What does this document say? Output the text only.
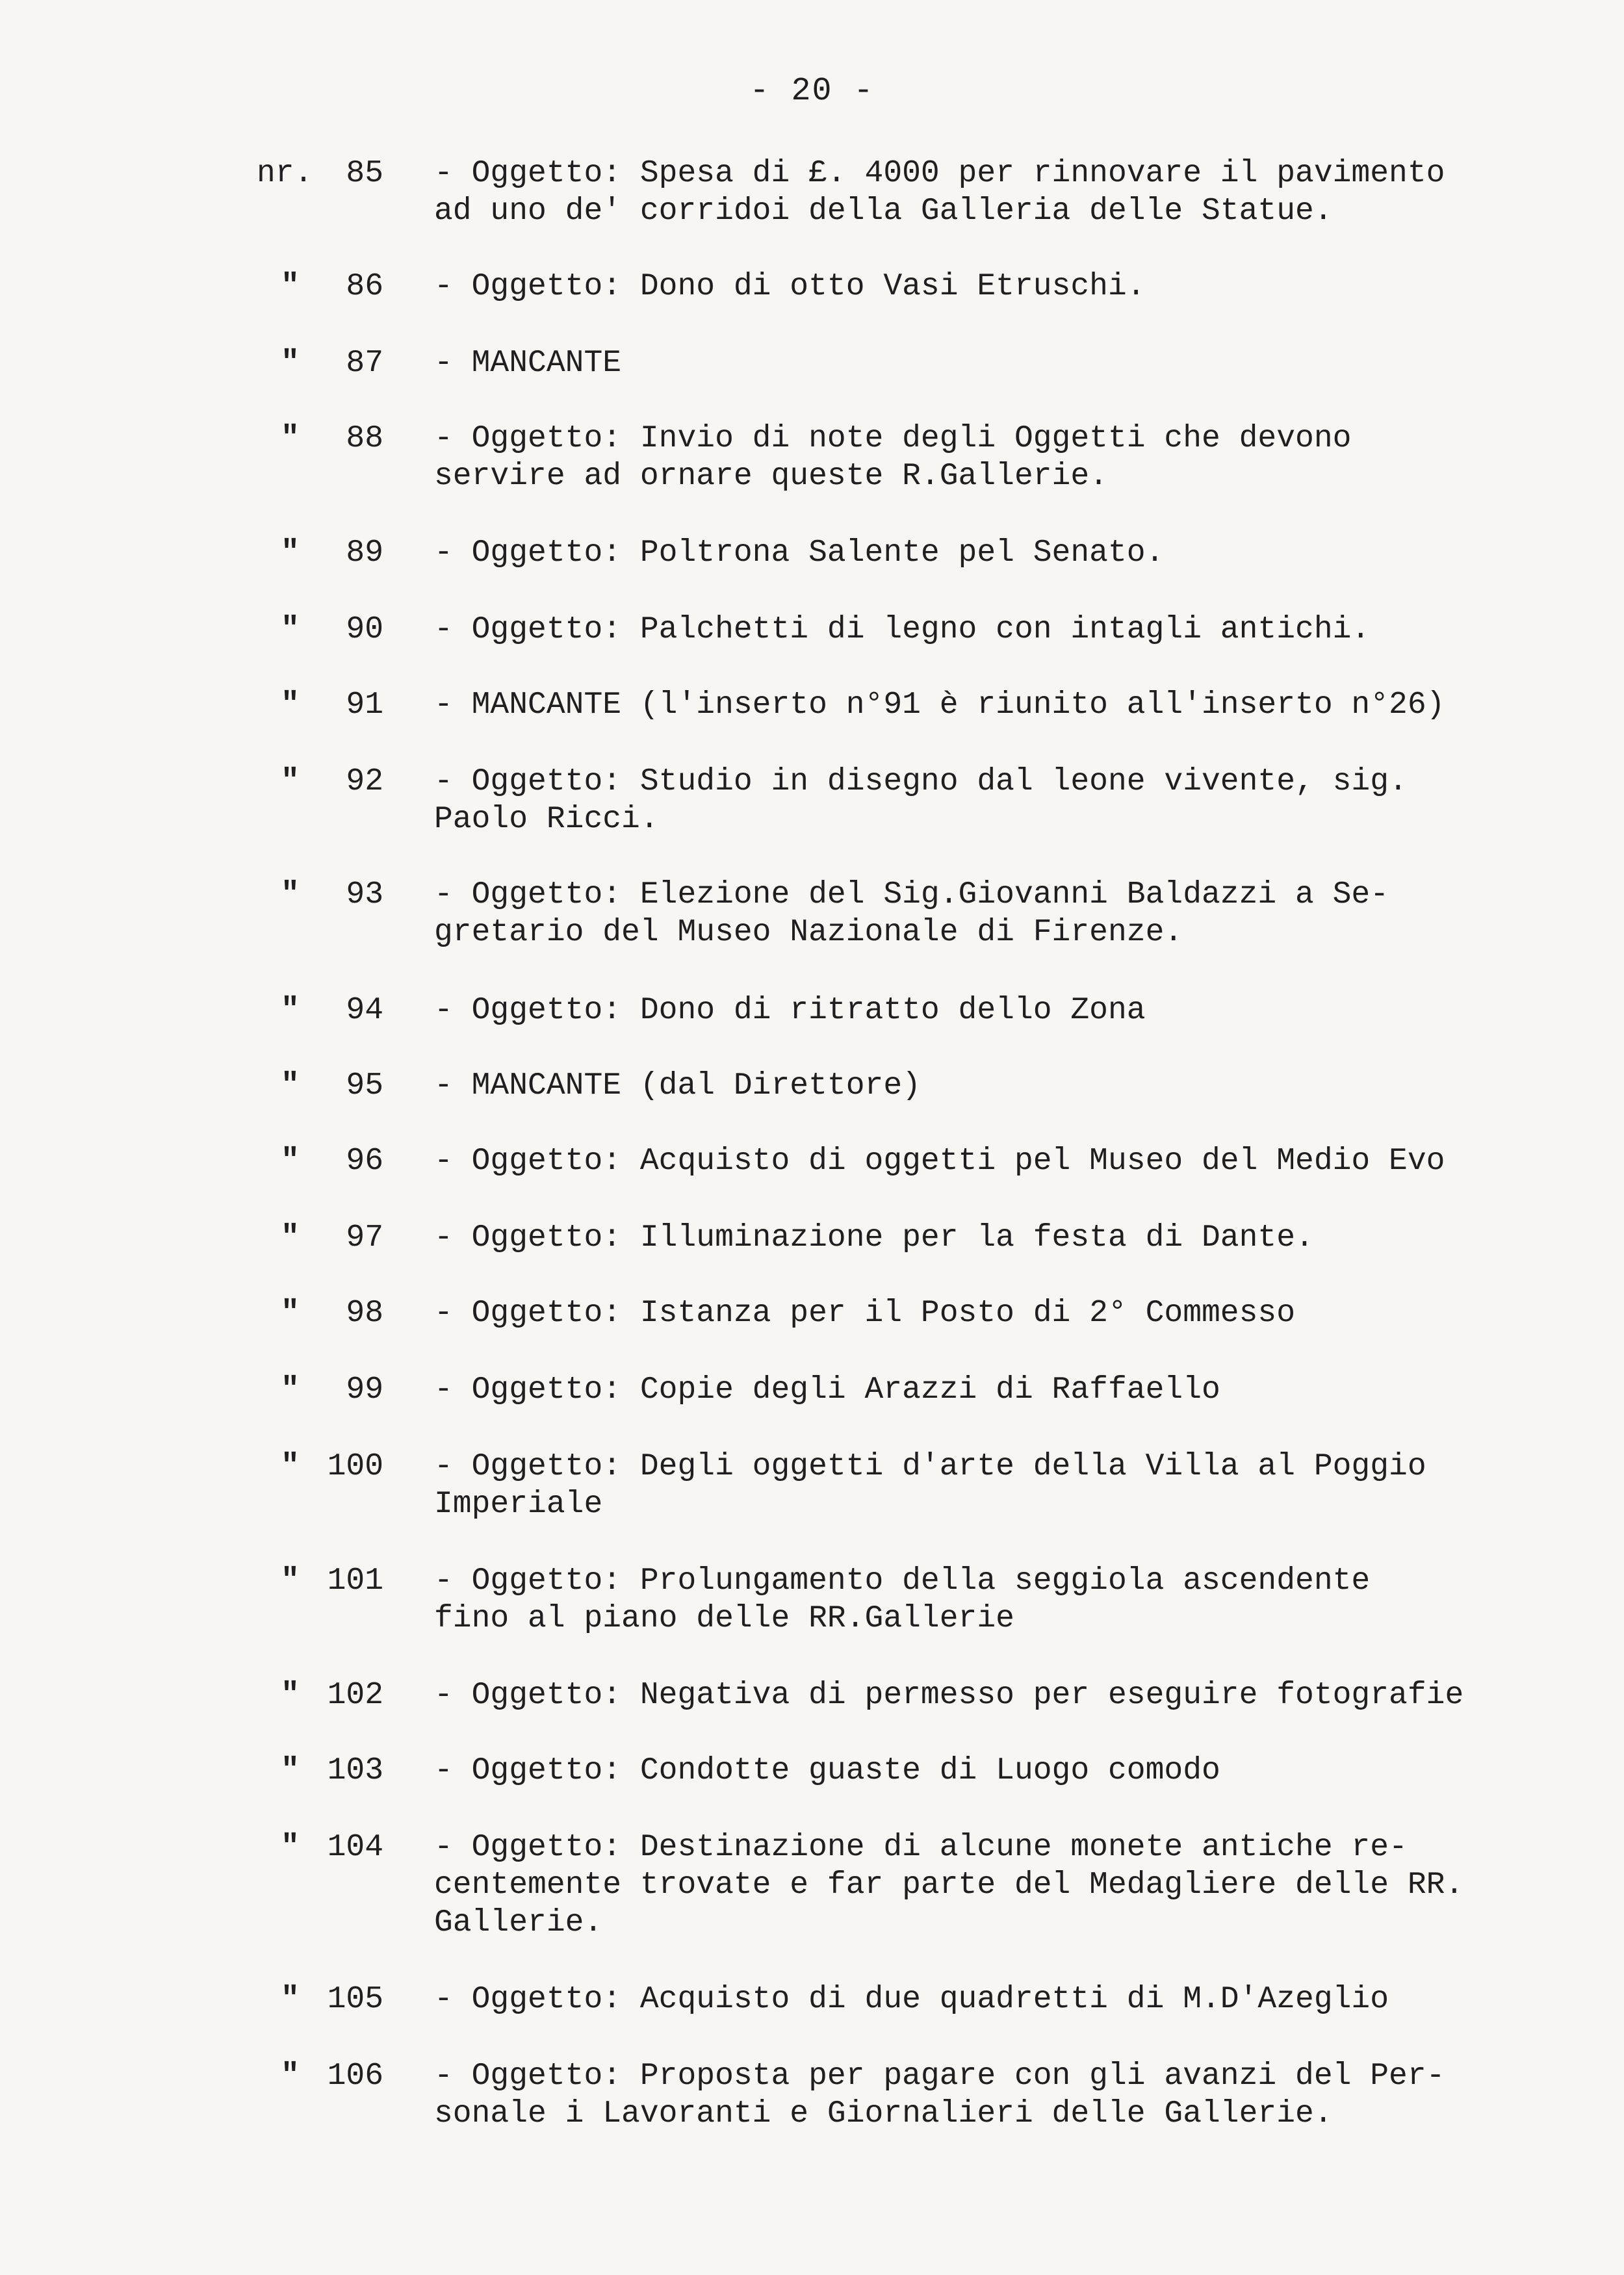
- 20 -
nr.	85 - Oggetto: Spesa di £. 4000 per rinnovare il pavimento
ad uno de' corridoi della Galleria delle Statue.
"	86 - Oggetto: Dono di otto Vasi Etruschi.
"	87 - MANCANTE
"	88 - Oggetto: Invio di note degli Oggetti che devono
servire ad ornare queste R.Gallerie.
"	89 - Oggetto: Poltrona Salente pel Senato.
"	90 - Oggetto: Palchetti di legno con intagli antichi.
"	91 - MANCANTE (l'inserto n°91 è riunito all'inserto n°26)
"	92 - Oggetto: Studio in disegno dal leone vivente, sig.
Paolo Ricci.
"	93 - Oggetto: Elezione del Sig.Giovanni Baldazzi a Se-
gretario del Museo Nazionale di Firenze.
"	94 - Oggetto: Dono di ritratto dello Zona
"	95 - MANCANTE (dal Direttore)
"	96 - Oggetto: Acquisto di oggetti pel Museo del Medio Evo
"	97 - Oggetto: Illuminazione per la festa di Dante.
"	98 - Oggetto: Istanza per il Posto di 2° Commesso
"	99 - Oggetto: Copie degli Arazzi di Raffaello
" 100 - Oggetto: Degli oggetti d'arte della Villa al Poggio
Imperiale
" 101 - Oggetto: Prolungamento della seggiola ascendente
fino al piano delle RR.Gallerie
" 102 - Oggetto: Negativa di permesso per eseguire fotografie
" 103 - Oggetto: Condotte guaste di Luogo comodo
" 104 - Oggetto: Destinazione di alcune monete antiche re-
centemente trovate e far parte del Medagliere delle RR.
Gallerie.
" 105 - Oggetto: Acquisto di due quadretti di M.D'Azeglio
" 106 - Oggetto: Proposta per pagare con gli avanzi del Per-
sonale i Lavoranti e Giornalieri delle Gallerie.
